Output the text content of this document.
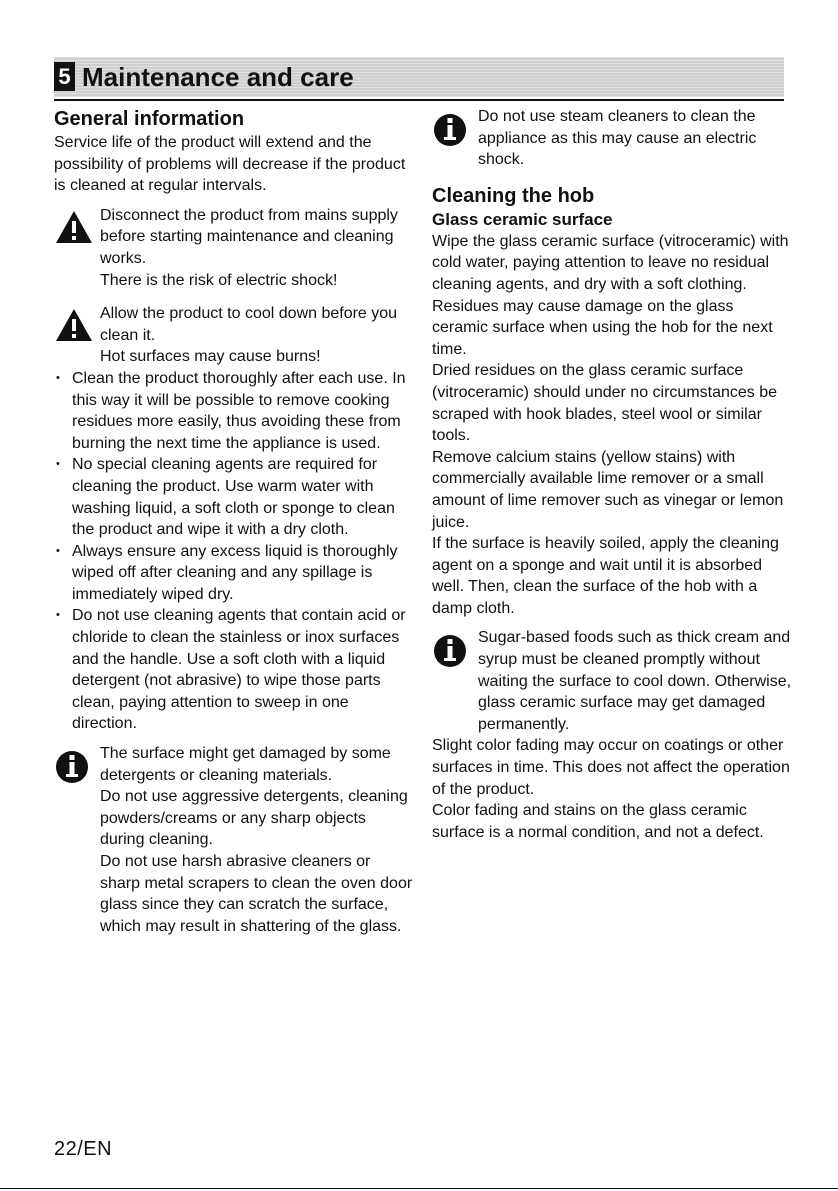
5 Maintenance and care
General information

Service life of the product will extend and the possibility of problems will decrease if the product is cleaned at regular intervals.

Disconnect the product from mains supply before starting maintenance and cleaning works.

There is the risk of electric shock!

Allow the product to cool down before you clean it.

Hot surfaces may cause burns!

• Clean the product thoroughly after each use. In this way it will be possible to remove cooking residues more easily, thus avoiding these from burning the next time the appliance is used.
• No special cleaning agents are required for cleaning the product. Use warm water with washing liquid, a soft cloth or sponge to clean the product and wipe it with a dry cloth.
• Always ensure any excess liquid is thoroughly wiped off after cleaning and any spillage is immediately wiped dry.
• Do not use cleaning agents that contain acid or chloride to clean the stainless or inox surfaces and the handle. Use a soft cloth with a liquid detergent (not abrasive) to wipe those parts clean, paying attention to sweep in one direction.

The surface might get damaged by some detergents or cleaning materials.

Do not use aggressive detergents, cleaning powders/creams or any sharp objects during cleaning.

Do not use harsh abrasive cleaners or sharp metal scrapers to clean the oven door glass since they can scratch the surface, which may result in shattering of the glass.

Do not use steam cleaners to clean the appliance as this may cause an electric shock.

Cleaning the hob
Glass ceramic surface

Wipe the glass ceramic surface (vitroceramic) with cold water, paying attention to leave no residual cleaning agents, and dry with a soft clothing. Residues may cause damage on the glass ceramic surface when using the hob for the next time.

Dried residues on the glass ceramic surface (vitroceramic) should under no circumstances be scraped with hook blades, steel wool or similar tools.

Remove calcium stains (yellow stains) with commercially available lime remover or a small amount of lime remover such as vinegar or lemon juice.

If the surface is heavily soiled, apply the cleaning agent on a sponge and wait until it is absorbed well. Then, clean the surface of the hob with a damp cloth.

Sugar-based foods such as thick cream and syrup must be cleaned promptly without waiting the surface to cool down. Otherwise, glass ceramic surface may get damaged permanently.

Slight color fading may occur on coatings or other surfaces in time. This does not affect the operation of the product.

Color fading and stains on the glass ceramic surface is a normal condition, and not a defect.

22/EN
